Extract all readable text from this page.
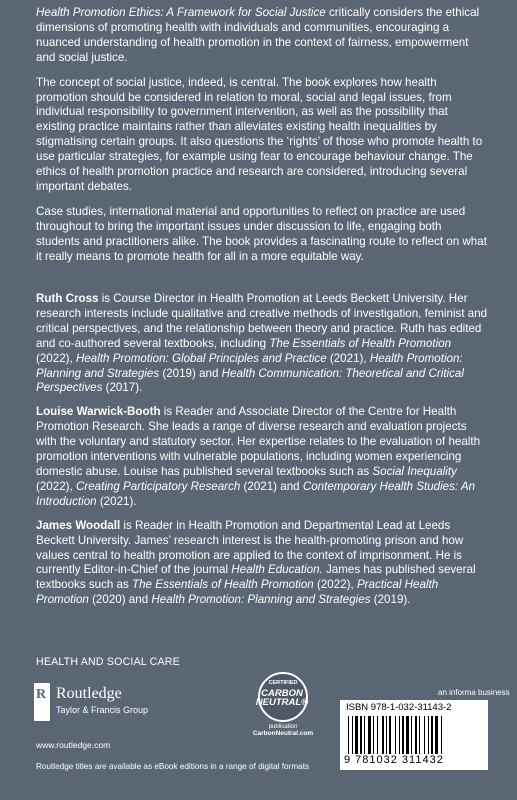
Health Promotion Ethics: A Framework for Social Justice critically considers the ethical dimensions of promoting health with individuals and communities, encouraging a nuanced understanding of health promotion in the context of fairness, empowerment and social justice.

The concept of social justice, indeed, is central. The book explores how health promotion should be considered in relation to moral, social and legal issues, from individual responsibility to government intervention, as well as the possibility that existing practice maintains rather than alleviates existing health inequalities by stigmatising certain groups. It also questions the ‘rights’ of those who promote health to use particular strategies, for example using fear to encourage behaviour change. The ethics of health promotion practice and research are considered, introducing several important debates.

Case studies, international material and opportunities to reflect on practice are used throughout to bring the important issues under discussion to life, engaging both students and practitioners alike. The book provides a fascinating route to reflect on what it really means to promote health for all in a more equitable way.

Ruth Cross is Course Director in Health Promotion at Leeds Beckett University. Her research interests include qualitative and creative methods of investigation, feminist and critical perspectives, and the relationship between theory and practice. Ruth has edited and co-authored several textbooks, including The Essentials of Health Promotion (2022), Health Promotion: Global Principles and Practice (2021), Health Promotion: Planning and Strategies (2019) and Health Communication: Theoretical and Critical Perspectives (2017).

Louise Warwick-Booth is Reader and Associate Director of the Centre for Health Promotion Research. She leads a range of diverse research and evaluation projects with the voluntary and statutory sector. Her expertise relates to the evaluation of health promotion interventions with vulnerable populations, including women experiencing domestic abuse. Louise has published several textbooks such as Social Inequality (2022), Creating Participatory Research (2021) and Contemporary Health Studies: An Introduction (2021).

James Woodall is Reader in Health Promotion and Departmental Lead at Leeds Beckett University. James’ research interest is the health-promoting prison and how values central to health promotion are applied to the context of imprisonment. He is currently Editor-in-Chief of the journal Health Education. James has published several textbooks such as The Essentials of Health Promotion (2022), Practical Health Promotion (2020) and Health Promotion: Planning and Strategies (2019).

HEALTH AND SOCIAL CARE
R Routledge
Taylor & Francis Group
www.routledge.com
Routledge titles are available as eBook editions in a range of digital formats
CERTIFIED
CARBON NEUTRAL®
publication
CarbonNeutral.com
an informa business
ISBN 978-1-032-31143-2
9 781032 311432
